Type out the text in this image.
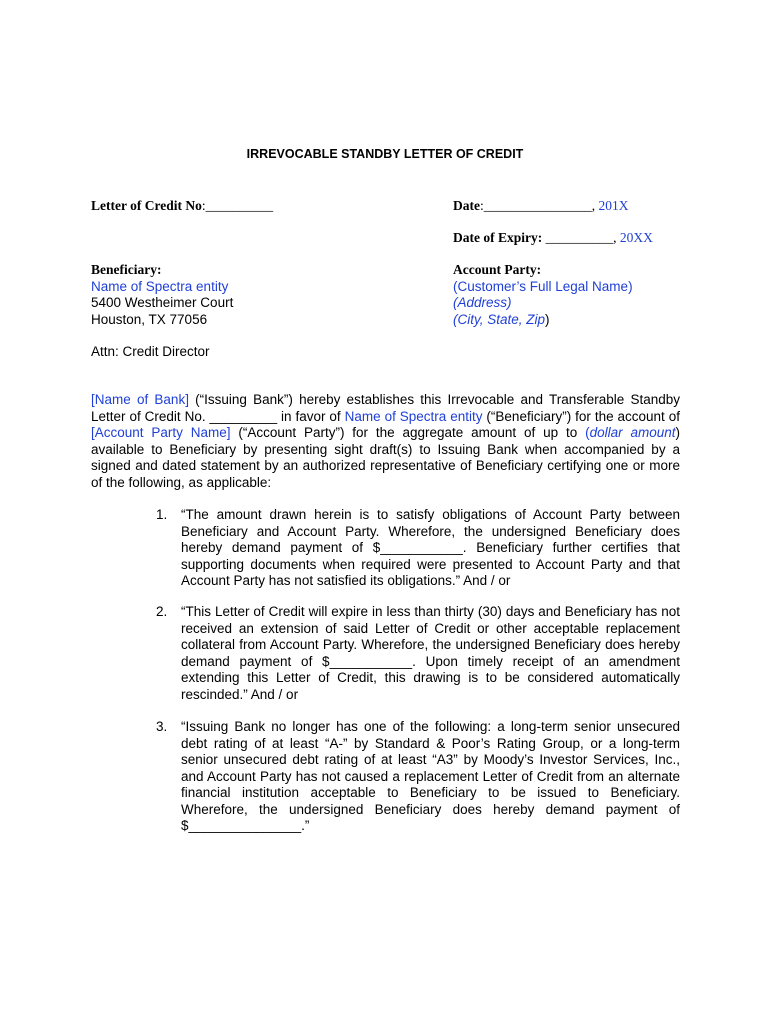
IRREVOCABLE STANDBY LETTER OF CREDIT
Letter of Credit No:__________	Date:________________, 201X
Date of Expiry: __________, 20XX
Beneficiary:
Name of Spectra entity
5400 Westheimer Court
Houston, TX 77056
Account Party:
(Customer’s Full Legal Name)
(Address)
(City, State, Zip)
Attn: Credit Director
[Name of Bank] (“Issuing Bank”) hereby establishes this Irrevocable and Transferable Standby Letter of Credit No. _________ in favor of Name of Spectra entity (“Beneficiary”) for the account of [Account Party Name] (“Account Party”) for the aggregate amount of up to (dollar amount) available to Beneficiary by presenting sight draft(s) to Issuing Bank when accompanied by a signed and dated statement by an authorized representative of Beneficiary certifying one or more of the following, as applicable:
1. “The amount drawn herein is to satisfy obligations of Account Party between Beneficiary and Account Party. Wherefore, the undersigned Beneficiary does hereby demand payment of $___________. Beneficiary further certifies that supporting documents when required were presented to Account Party and that Account Party has not satisfied its obligations.” And / or
2. “This Letter of Credit will expire in less than thirty (30) days and Beneficiary has not received an extension of said Letter of Credit or other acceptable replacement collateral from Account Party. Wherefore, the undersigned Beneficiary does hereby demand payment of $___________. Upon timely receipt of an amendment extending this Letter of Credit, this drawing is to be considered automatically rescinded.” And / or
3. “Issuing Bank no longer has one of the following: a long-term senior unsecured debt rating of at least “A-” by Standard & Poor’s Rating Group, or a long-term senior unsecured debt rating of at least “A3” by Moody’s Investor Services, Inc., and Account Party has not caused a replacement Letter of Credit from an alternate financial institution acceptable to Beneficiary to be issued to Beneficiary. Wherefore, the undersigned Beneficiary does hereby demand payment of $_______________.”
